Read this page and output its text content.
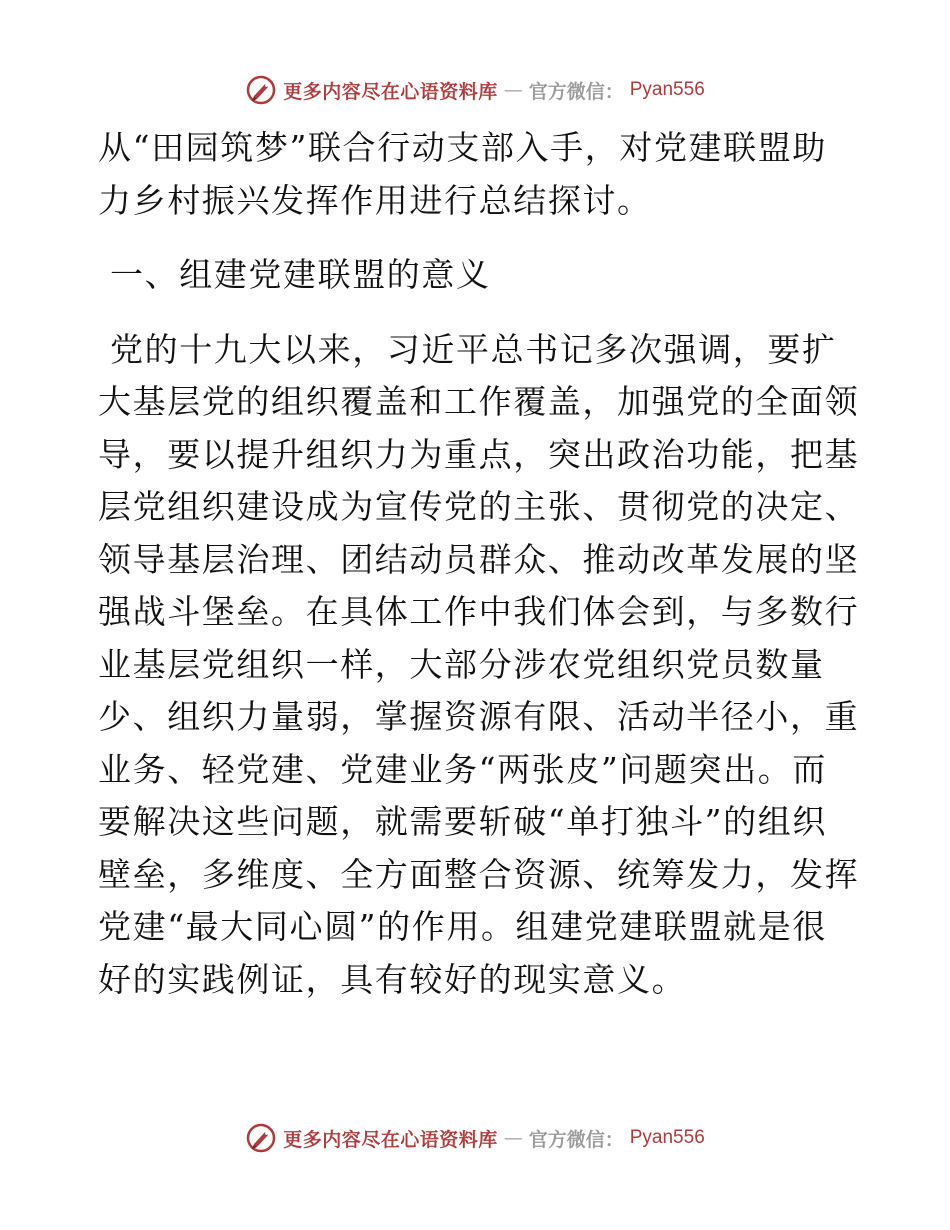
更多内容尽在心语资料库 — 官方微信： Pyan556
从“田园筑梦”联合行动支部入手，对党建联盟助
力乡村振兴发挥作用进行总结探讨。
一、组建党建联盟的意义
党的十九大以来，习近平总书记多次强调，要扩
大基层党的组织覆盖和工作覆盖，加强党的全面领
导，要以提升组织力为重点，突出政治功能，把基
层党组织建设成为宣传党的主张、贯彻党的决定、
领导基层治理、团结动员群众、推动改革发展的坚
强战斗堡垒。在具体工作中我们体会到，与多数行
业基层党组织一样，大部分涉农党组织党员数量
少、组织力量弱，掌握资源有限、活动半径小，重
业务、轻党建、党建业务“两张皮”问题突出。而
要解决这些问题，就需要斩破“单打独斗”的组织
壁垒，多维度、全方面整合资源、统筹发力，发挥
党建“最大同心圆”的作用。组建党建联盟就是很
好的实践例证，具有较好的现实意义。
更多内容尽在心语资料库 — 官方微信： Pyan556
